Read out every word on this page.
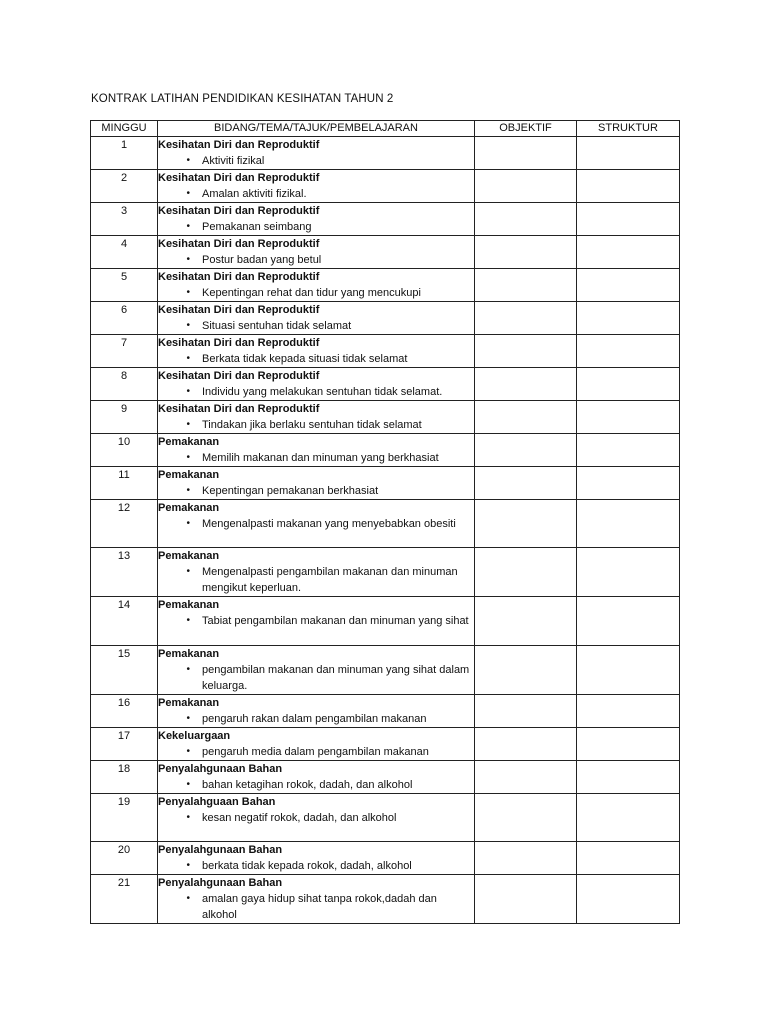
KONTRAK LATIHAN PENDIDIKAN KESIHATAN TAHUN 2
MINGGU	BIDANG/TEMA/TAJUK/PEMBELAJARAN	OBJEKTIF	STRUKTUR
1	Kesihatan Diri dan Reproduktif
• Aktiviti fizikal		

2	Kesihatan Diri dan Reproduktif
• Amalan aktiviti fizikal.		

3	Kesihatan Diri dan Reproduktif
• Pemakanan seimbang		

4	Kesihatan Diri dan Reproduktif
• Postur badan yang betul		

5	Kesihatan Diri dan Reproduktif
• Kepentingan rehat dan tidur yang mencukupi		

6	Kesihatan Diri dan Reproduktif
• Situasi sentuhan tidak selamat		

7	Kesihatan Diri dan Reproduktif
• Berkata tidak kepada situasi tidak selamat		

8	Kesihatan Diri dan Reproduktif
• Individu yang melakukan sentuhan tidak selamat.		

9	Kesihatan Diri dan Reproduktif
• Tindakan jika berlaku sentuhan tidak selamat		

10	Pemakanan
• Memilih makanan dan minuman yang berkhasiat		

11	Pemakanan
• Kepentingan pemakanan berkhasiat		

12	Pemakanan
• Mengenalpasti makanan yang menyebabkan obesiti		

13	Pemakanan
• Mengenalpasti pengambilan makanan dan minuman mengikut keperluan.		

14	Pemakanan
• Tabiat pengambilan makanan dan minuman yang sihat		

15	Pemakanan
• pengambilan makanan dan minuman yang sihat dalam keluarga.		

16	Pemakanan
• pengaruh rakan dalam pengambilan makanan		

17	Kekeluargaan
• pengaruh media dalam pengambilan makanan		

18	Penyalahgunaan Bahan
• bahan ketagihan rokok, dadah, dan alkohol		

19	Penyalahguaan Bahan
• kesan negatif rokok, dadah, dan alkohol		

20	Penyalahgunaan Bahan
• berkata tidak kepada rokok, dadah, alkohol		

21	Penyalahgunaan Bahan
• amalan gaya hidup sihat tanpa rokok,dadah dan alkohol		
